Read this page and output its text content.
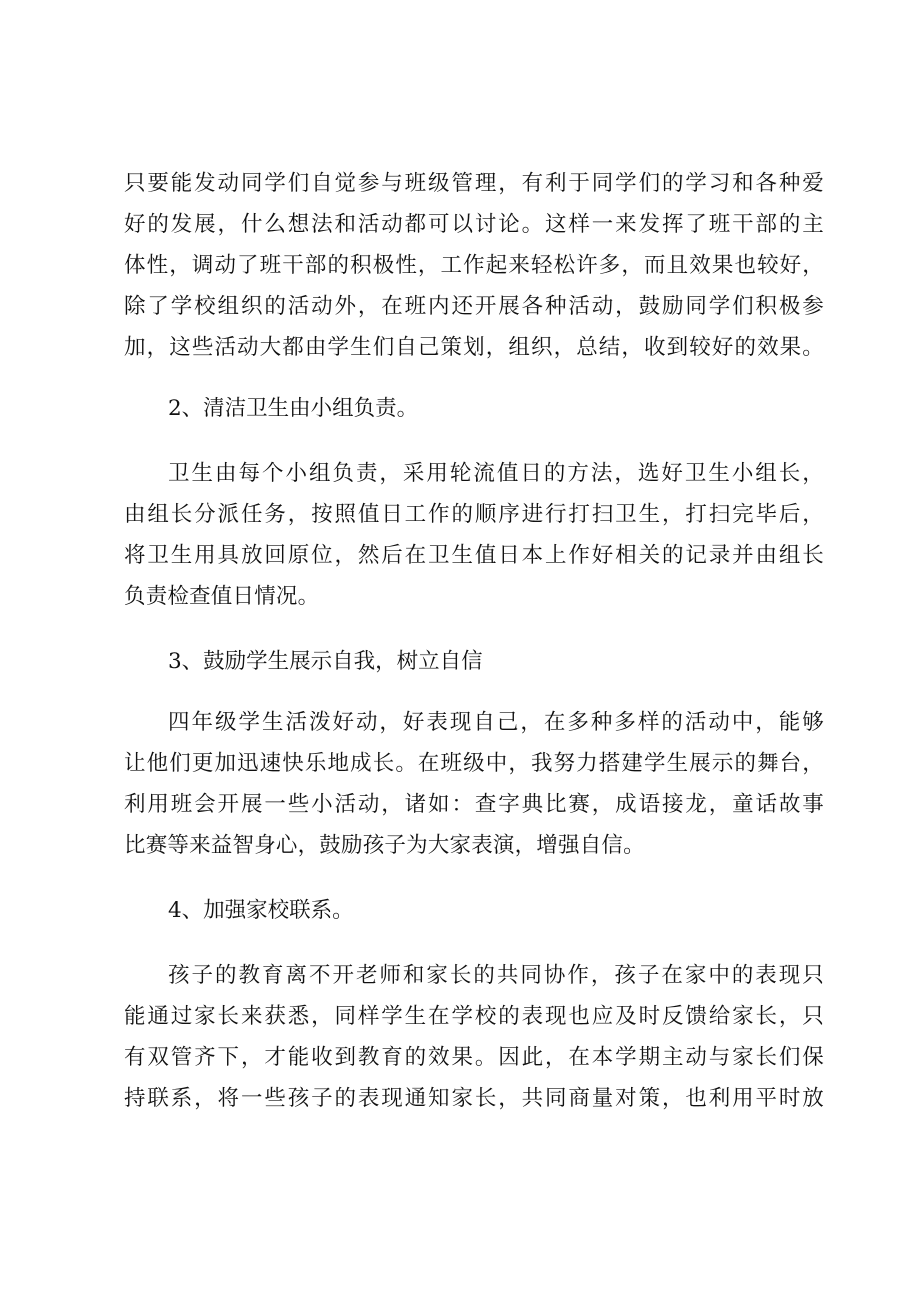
只要能发动同学们自觉参与班级管理，有利于同学们的学习和各种爱
好的发展，什么想法和活动都可以讨论。这样一来发挥了班干部的主
体性，调动了班干部的积极性，工作起来轻松许多，而且效果也较好，
除了学校组织的活动外，在班内还开展各种活动，鼓励同学们积极参
加，这些活动大都由学生们自己策划，组织，总结，收到较好的效果。
2、清洁卫生由小组负责。
卫生由每个小组负责，采用轮流值日的方法，选好卫生小组长，
由组长分派任务，按照值日工作的顺序进行打扫卫生，打扫完毕后，
将卫生用具放回原位，然后在卫生值日本上作好相关的记录并由组长
负责检查值日情况。
3、鼓励学生展示自我，树立自信
四年级学生活泼好动，好表现自己，在多种多样的活动中，能够
让他们更加迅速快乐地成长。在班级中，我努力搭建学生展示的舞台，
利用班会开展一些小活动，诸如：查字典比赛，成语接龙，童话故事
比赛等来益智身心，鼓励孩子为大家表演，增强自信。
4、加强家校联系。
孩子的教育离不开老师和家长的共同协作，孩子在家中的表现只
能通过家长来获悉，同样学生在学校的表现也应及时反馈给家长，只
有双管齐下，才能收到教育的效果。因此，在本学期主动与家长们保
持联系，将一些孩子的表现通知家长，共同商量对策，也利用平时放
